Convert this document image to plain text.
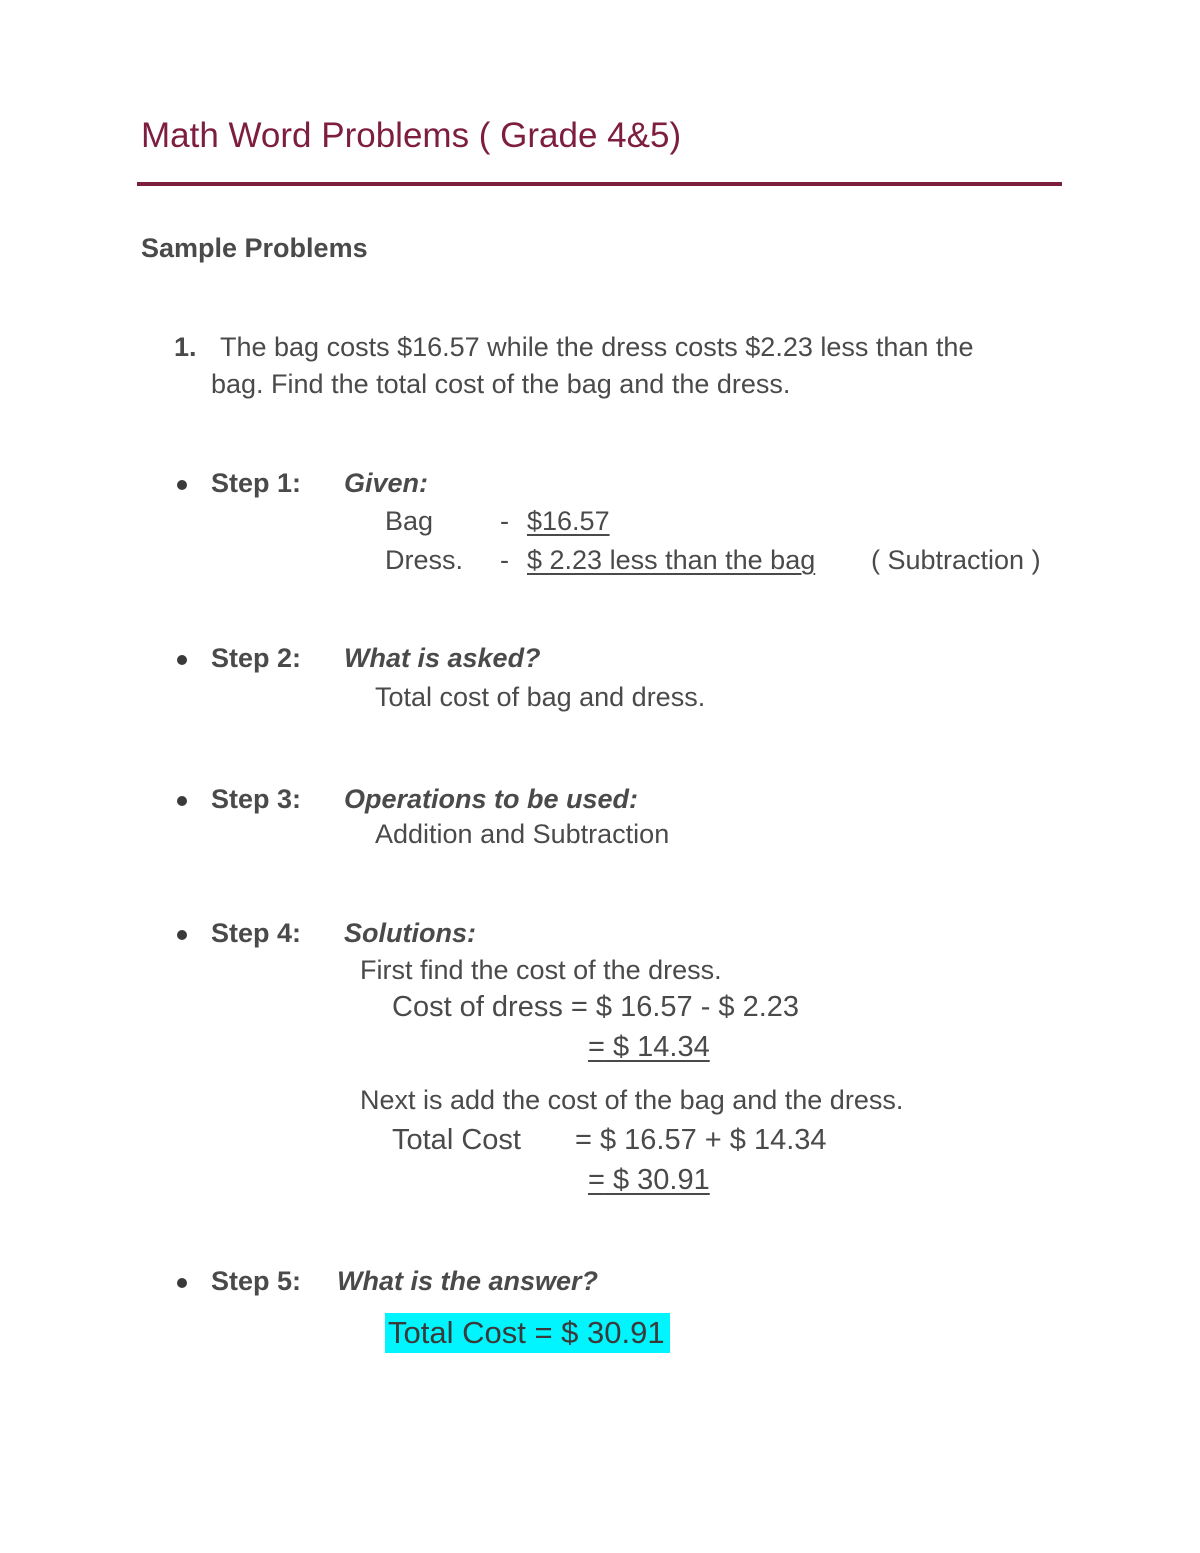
Math Word Problems ( Grade 4&5)
Sample Problems
1. The bag costs $16.57 while the dress costs $2.23 less than the
bag. Find the total cost of the bag and the dress.
Step 1: Given:
Bag - $16.57
Dress. - $ 2.23 less than the bag ( Subtraction )
Step 2: What is asked?
Total cost of bag and dress.
Step 3: Operations to be used:
Addition and Subtraction
Step 4: Solutions:
First find the cost of the dress.
Cost of dress = $ 16.57 - $ 2.23
= $ 14.34
Next is add the cost of the bag and the dress.
Total Cost = $ 16.57 + $ 14.34
= $ 30.91
Step 5: What is the answer?
Total Cost = $ 30.91
